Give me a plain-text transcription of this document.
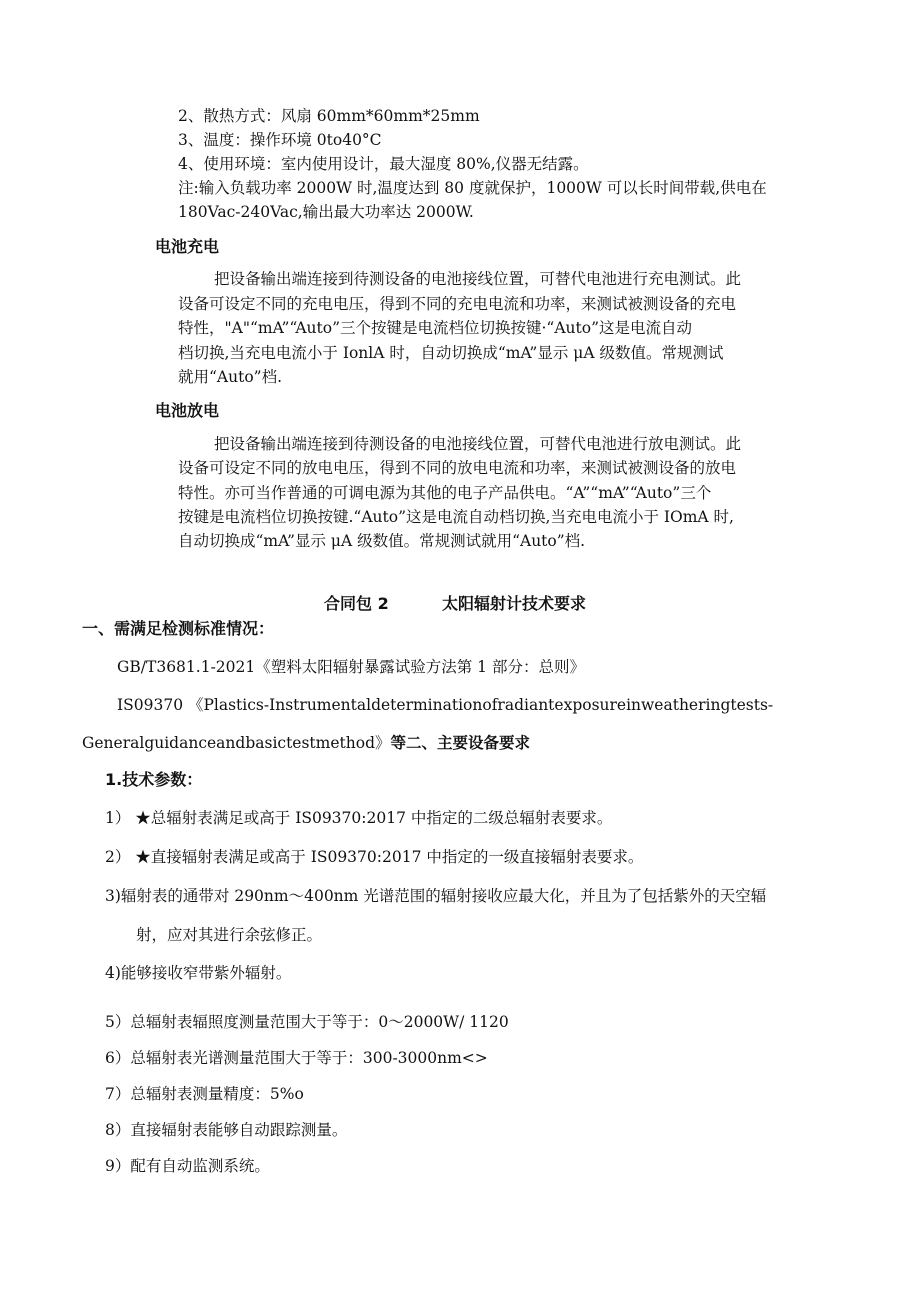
2、散热方式：风扇 60mm*60mm*25mm
3、温度：操作环境 0to40°C
4、使用环境：室内使用设计，最大湿度 80%,仪器无结露。
注:输入负载功率 2000W 时,温度达到 80 度就保护，1000W 可以长时间带载,供电在
180Vac-240Vac,输出最大功率达 2000W.
电池充电
把设备输出端连接到待测设备的电池接线位置，可替代电池进行充电测试。此
设备可设定不同的充电电压，得到不同的充电电流和功率，来测试被测设备的充电
特性，"A"“mA”“Auto”三个按键是电流档位切换按键·“Auto”这是电流自动
档切换,当充电电流小于 IonlA 时，自动切换成“mA”显示 μA 级数值。常规测试
就用“Auto”档.
电池放电
把设备输出端连接到待测设备的电池接线位置，可替代电池进行放电测试。此
设备可设定不同的放电电压，得到不同的放电电流和功率，来测试被测设备的放电
特性。亦可当作普通的可调电源为其他的电子产品供电。“A”“mA”“Auto”三个
按键是电流档位切换按键.“Auto”这是电流自动档切换,当充电电流小于 IOmA 时,
自动切换成“mA”显示 μA 级数值。常规测试就用“Auto”档.
合同包 2	太阳辐射计技术要求
一、需满足检测标准情况：
GB/T3681.1-2021《塑料太阳辐射暴露试验方法第 1 部分：总则》
IS09370 《Plastics-Instrumentaldeterminationofradiantexposureinweatheringtests-
Generalguidanceandbasictestmethod》等二、主要设备要求
1.技术参数：
1） ★总辐射表满足或高于 IS09370:2017 中指定的二级总辐射表要求。
2） ★直接辐射表满足或高于 IS09370:2017 中指定的一级直接辐射表要求。
3)辐射表的通带对 290nm～400nm 光谱范围的辐射接收应最大化，并且为了包括紫外的天空辐
射，应对其进行余弦修正。
4)能够接收窄带紫外辐射。
5）总辐射表辐照度测量范围大于等于：0～2000W/ 1120
6）总辐射表光谱测量范围大于等于：300-3000nm<>
7）总辐射表测量精度：5%o
8）直接辐射表能够自动跟踪测量。
9）配有自动监测系统。
